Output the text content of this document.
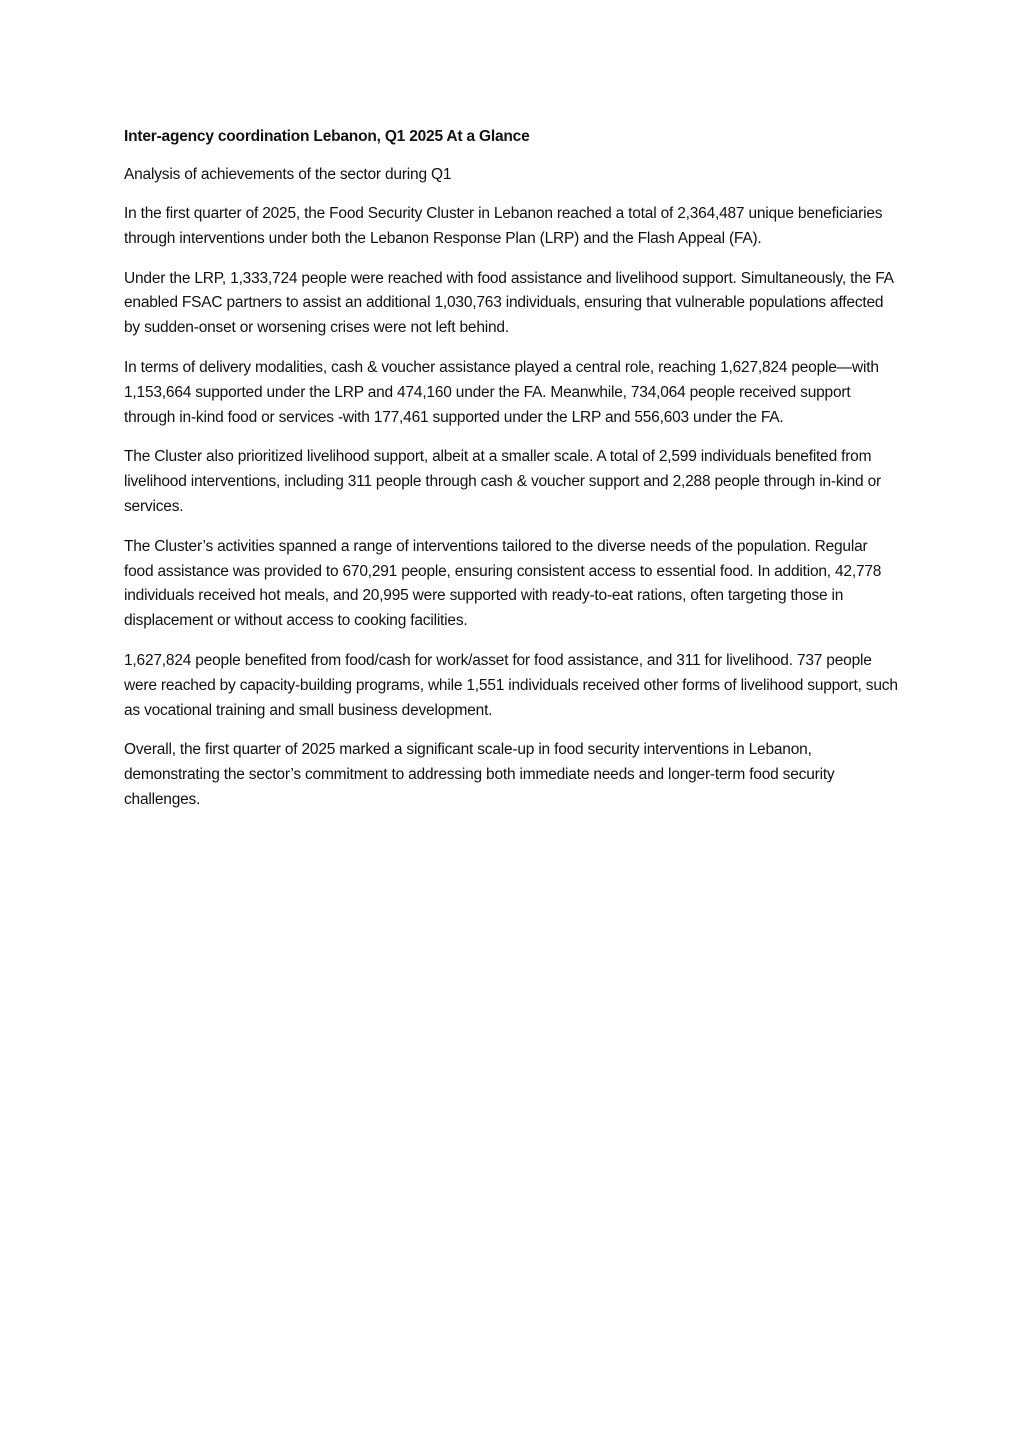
Inter-agency coordination Lebanon, Q1 2025 At a Glance

Analysis of achievements of the sector during Q1

In the first quarter of 2025, the Food Security Cluster in Lebanon reached a total of 2,364,487 unique beneficiaries through interventions under both the Lebanon Response Plan (LRP) and the Flash Appeal (FA).

Under the LRP, 1,333,724 people were reached with food assistance and livelihood support. Simultaneously, the FA enabled FSAC partners to assist an additional 1,030,763 individuals, ensuring that vulnerable populations affected by sudden-onset or worsening crises were not left behind.

In terms of delivery modalities, cash & voucher assistance played a central role, reaching 1,627,824 people—with 1,153,664 supported under the LRP and 474,160 under the FA. Meanwhile, 734,064 people received support through in-kind food or services -with 177,461 supported under the LRP and 556,603 under the FA.

The Cluster also prioritized livelihood support, albeit at a smaller scale. A total of 2,599 individuals benefited from livelihood interventions, including 311 people through cash & voucher support and 2,288 people through in-kind or services.

The Cluster’s activities spanned a range of interventions tailored to the diverse needs of the population. Regular food assistance was provided to 670,291 people, ensuring consistent access to essential food. In addition, 42,778 individuals received hot meals, and 20,995 were supported with ready-to-eat rations, often targeting those in displacement or without access to cooking facilities.

1,627,824 people benefited from food/cash for work/asset for food assistance, and 311 for livelihood. 737 people were reached by capacity-building programs, while 1,551 individuals received other forms of livelihood support, such as vocational training and small business development.

Overall, the first quarter of 2025 marked a significant scale-up in food security interventions in Lebanon, demonstrating the sector’s commitment to addressing both immediate needs and longer-term food security challenges.
